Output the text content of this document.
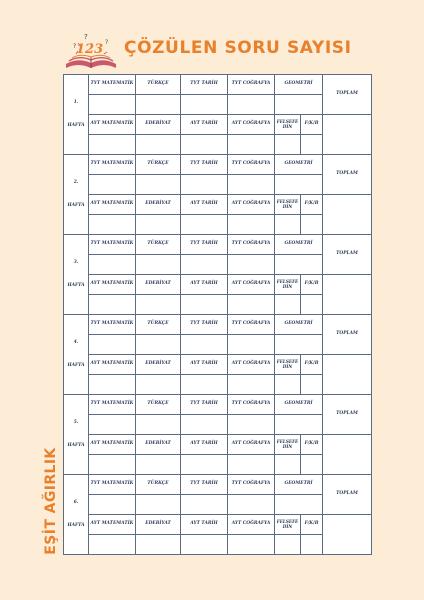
?
?
?
123 ÇÖZÜLEN SORU SAYISI
EŞİT AĞIRLIK
1.
HAFTA	TYT MATEMATİK	TÜRKÇE	TYT TARİH	TYT COĞRAFYA	GEOMETRİ		TOPLAM

	AYT MATEMATİK	EDEBİYAT	AYT TARİH	AYT COĞRAFYA	FELSEFE DİN	F/K/B	

2.
HAFTA	TYT MATEMATİK	TÜRKÇE	TYT TARİH	TYT COĞRAFYA	GEOMETRİ		TOPLAM

	AYT MATEMATİK	EDEBİYAT	AYT TARİH	AYT COĞRAFYA	FELSEFE DİN	F/K/B	

3.
HAFTA	TYT MATEMATİK	TÜRKÇE	TYT TARİH	TYT COĞRAFYA	GEOMETRİ		TOPLAM

	AYT MATEMATİK	EDEBİYAT	AYT TARİH	AYT COĞRAFYA	FELSEFE DİN	F/K/B	

4.
HAFTA	TYT MATEMATİK	TÜRKÇE	TYT TARİH	TYT COĞRAFYA	GEOMETRİ		TOPLAM

	AYT MATEMATİK	EDEBİYAT	AYT TARİH	AYT COĞRAFYA	FELSEFE DİN	F/K/B	

5.
HAFTA	TYT MATEMATİK	TÜRKÇE	TYT TARİH	TYT COĞRAFYA	GEOMETRİ		TOPLAM

	AYT MATEMATİK	EDEBİYAT	AYT TARİH	AYT COĞRAFYA	FELSEFE DİN	F/K/B	

6.
HAFTA	TYT MATEMATİK	TÜRKÇE	TYT TARİH	TYT COĞRAFYA	GEOMETRİ		TOPLAM

	AYT MATEMATİK	EDEBİYAT	AYT TARİH	AYT COĞRAFYA	FELSEFE DİN	F/K/B	
